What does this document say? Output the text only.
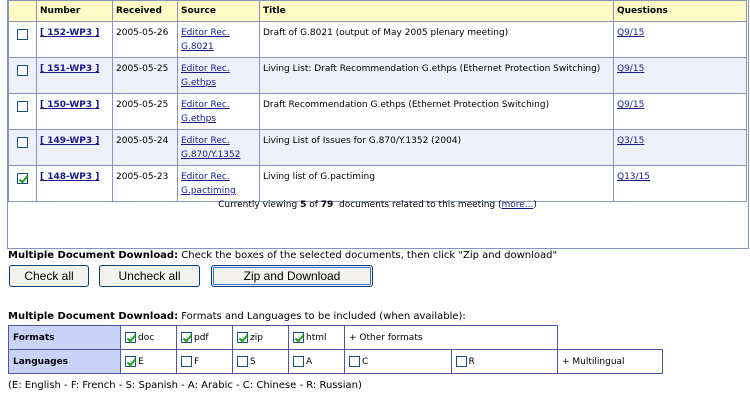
	Number	Received	Source	Title	Questions
	[ 152-WP3 ]	2005-05-26	Editor Rec.
G.8021	Draft of G.8021 (output of May 2005 plenary meeting)	Q9/15
	[ 151-WP3 ]	2005-05-25	Editor Rec.
G.ethps	Living List: Draft Recommendation G.ethps (Ethernet Protection Switching)	Q9/15
	[ 150-WP3 ]	2005-05-25	Editor Rec.
G.ethps	Draft Recommendation G.ethps (Ethernet Protection Switching)	Q9/15
	[ 149-WP3 ]	2005-05-24	Editor Rec.
G.870/Y.1352	Living List of Issues for G.870/Y.1352 (2004)	Q3/15
	[ 148-WP3 ]	2005-05-23	Editor Rec.
G.pactiming	Living list of G.pactiming	Q13/15
Currently viewing 5 of 79  documents related to this meeting (more...)
Multiple Document Download: Check the boxes of the selected documents, then click "Zip and download"
Check all	Uncheck all	Zip and Download
Multiple Document Download: Formats and Languages to be included (when available):
Formats	doc	pdf	zip	html	+ Other formats		
Languages	E	F	S	A	C	R	+ Multilingual
(E: English - F: French - S: Spanish - A: Arabic - C: Chinese - R: Russian)
